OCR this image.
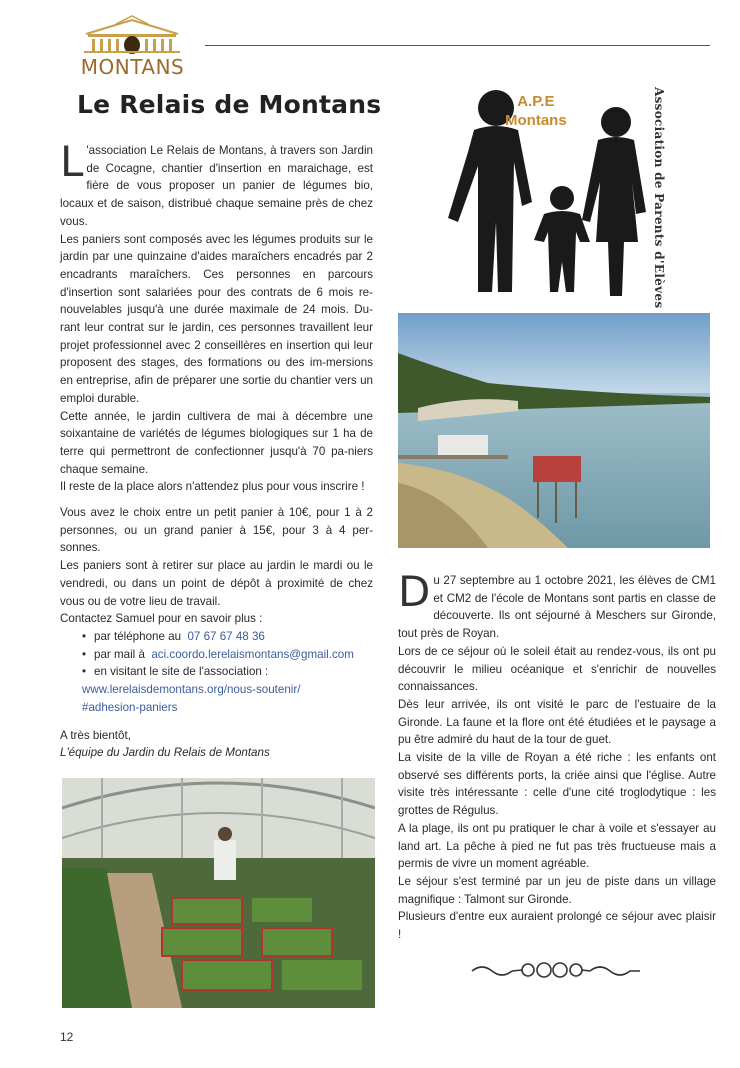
MONTANS
Le Relais de Montans

L 'association Le Relais de Montans, à travers son Jardin de Cocagne, chantier d'insertion en maraichage, est fière de vous proposer un panier de légumes bio, locaux et de saison, distribué chaque semaine près de chez vous.

Les paniers sont composés avec les légumes produits sur le jardin par une quinzaine d'aides maraîchers encadrés par 2 encadrants maraîchers. Ces personnes en parcours d'insertion sont salariées pour des contrats de 6 mois re-nouvelables jusqu'à une durée maximale de 24 mois. Du-rant leur contrat sur le jardin, ces personnes travaillent leur projet professionnel avec 2 conseillères en insertion qui leur proposent des stages, des formations ou des im-mersions en entreprise, afin de préparer une sortie du chantier vers un emploi durable.

Cette année, le jardin cultivera de mai à décembre une soixantaine de variétés de légumes biologiques sur 1 ha de terre qui permettront de confectionner jusqu'à 70 pa-niers chaque semaine.

Il reste de la place alors n'attendez plus pour vous inscrire !

Vous avez le choix entre un petit panier à 10€, pour 1 à 2 personnes, ou un grand panier à 15€, pour 3 à 4 per-sonnes.

Les paniers sont à retirer sur place au jardin le mardi ou le vendredi, ou dans un point de dépôt à proximité de chez vous ou de votre lieu de travail.

Contactez Samuel pour en savoir plus :

• par téléphone au 07 67 67 48 36
• par mail à aci.coordo.lerelaismontans@gmail.com
• en visitant le site de l'association :
www.lerelaisdemontans.org/nous-soutenir/
#adhesion-paniers

A très bientôt,

L'équipe du Jardin du Relais de Montans

A.P.E
Montans	Association de Parents d'Elèves

Du 27 septembre au 1 octobre 2021, les élèves de CM1 et CM2 de l'école de Montans sont partis en classe de découverte. Ils ont séjourné à Meschers sur Gironde, tout près de Royan.

Lors de ce séjour où le soleil était au rendez-vous, ils ont pu découvrir le milieu océanique et s'enrichir de nouvelles connaissances.

Dès leur arrivée, ils ont visité le parc de l'estuaire de la Gironde. La faune et la flore ont été étudiées et le paysage a pu être admiré du haut de la tour de guet.

La visite de la ville de Royan a été riche : les enfants ont observé ses différents ports, la criée ainsi que l'église. Autre visite très intéressante : celle d'une cité troglodytique : les grottes de Régulus.

A la plage, ils ont pu pratiquer le char à voile et s'essayer au land art. La pêche à pied ne fut pas très fructueuse mais a permis de vivre un moment agréable.

Le séjour s'est terminé par un jeu de piste dans un village magnifique : Talmont sur Gironde.

Plusieurs d'entre eux auraient prolongé ce séjour avec plaisir !

12
